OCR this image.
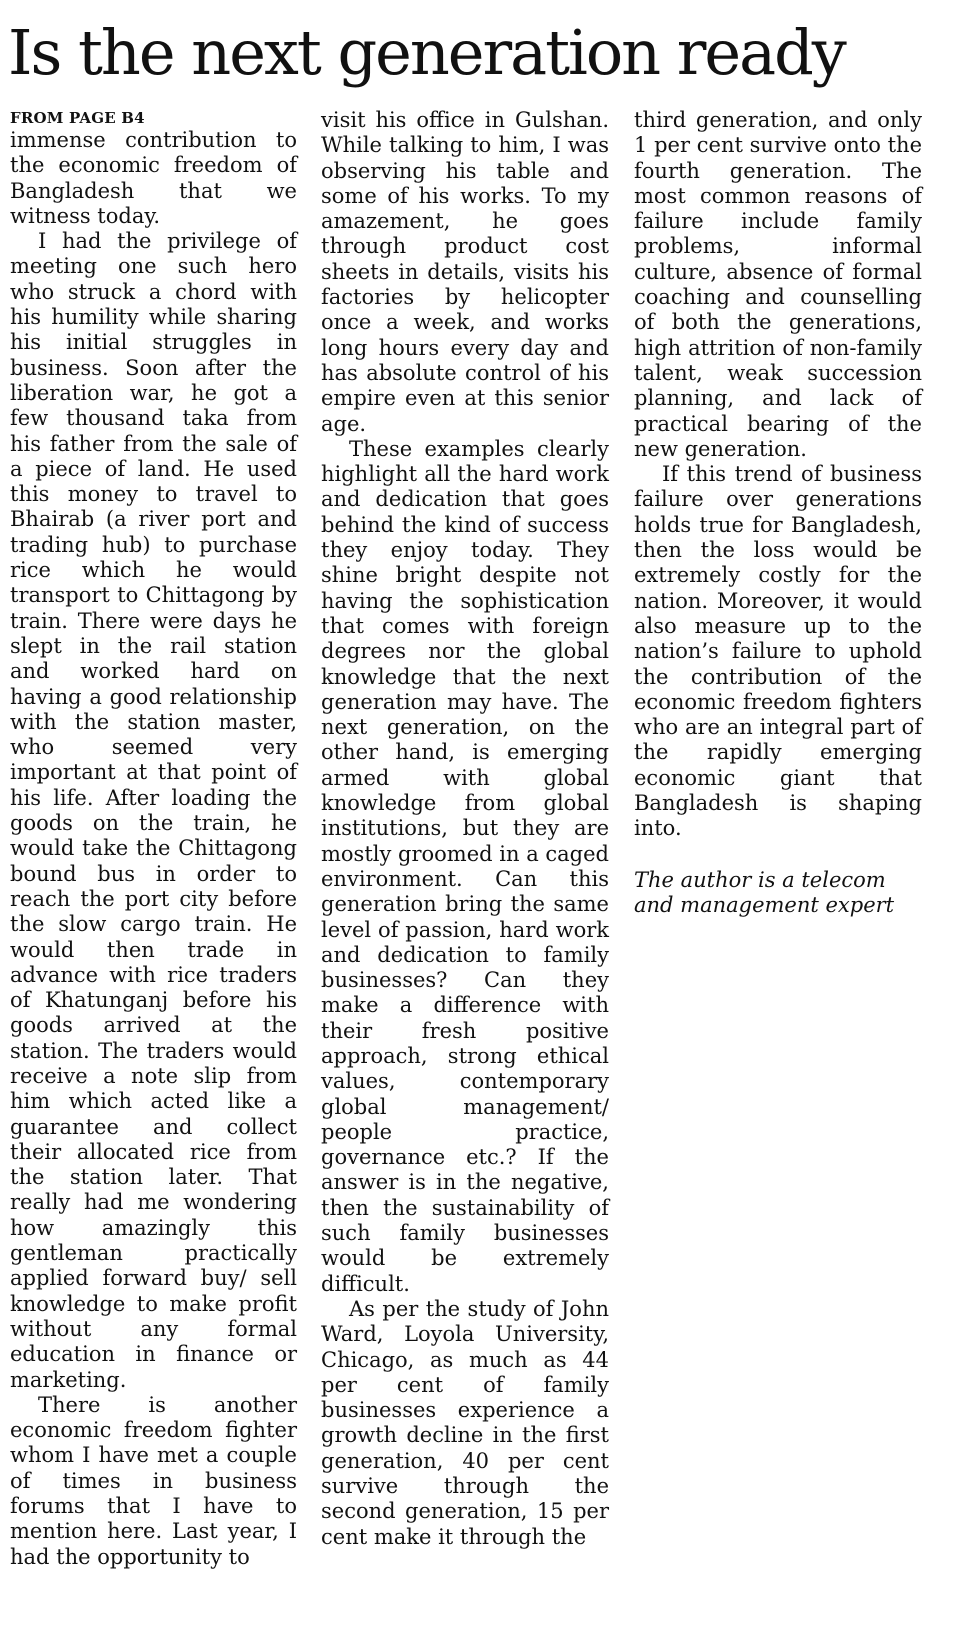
Is the next generation ready
FROM PAGE B4

immense contribution to the economic freedom of Bangladesh that we witness today.

I had the privilege of meeting one such hero who struck a chord with his humility while sharing his initial struggles in business. Soon after the liberation war, he got a few thousand taka from his father from the sale of a piece of land. He used this money to travel to Bhairab (a river port and trading hub) to purchase rice which he would transport to Chittagong by train. There were days he slept in the rail station and worked hard on having a good relationship with the station master, who seemed very important at that point of his life. After loading the goods on the train, he would take the Chittagong bound bus in order to reach the port city before the slow cargo train. He would then trade in advance with rice traders of Khatunganj before his goods arrived at the station. The traders would receive a note slip from him which acted like a guarantee and collect their allocated rice from the station later. That really had me wondering how amazingly this gentleman practically applied forward buy/ sell knowledge to make profit without any formal education in finance or marketing.

There is another economic freedom fighter whom I have met a couple of times in business forums that I have to mention here. Last year, I had the opportunity to

visit his office in Gulshan. While talking to him, I was observing his table and some of his works. To my amazement, he goes through product cost sheets in details, visits his factories by helicopter once a week, and works long hours every day and has absolute control of his empire even at this senior age.

These examples clearly highlight all the hard work and dedication that goes behind the kind of success they enjoy today. They shine bright despite not having the sophistication that comes with foreign degrees nor the global knowledge that the next generation may have. The next generation, on the other hand, is emerging armed with global knowledge from global institutions, but they are mostly groomed in a caged environment. Can this generation bring the same level of passion, hard work and dedication to family businesses? Can they make a difference with their fresh positive approach, strong ethical values, contemporary global management/ people practice, governance etc.? If the answer is in the negative, then the sustainability of such family businesses would be extremely difficult.

As per the study of John Ward, Loyola University, Chicago, as much as 44 per cent of family businesses experience a growth decline in the first generation, 40 per cent survive through the second generation, 15 per cent make it through the

third generation, and only 1 per cent survive onto the fourth generation. The most common reasons of failure include family problems, informal culture, absence of formal coaching and counselling of both the generations, high attrition of non-family talent, weak succession planning, and lack of practical bearing of the new generation.

If this trend of business failure over generations holds true for Bangladesh, then the loss would be extremely costly for the nation. Moreover, it would also measure up to the nation’s failure to uphold the contribution of the economic freedom fighters who are an integral part of the rapidly emerging economic giant that Bangladesh is shaping into.

The author is a telecom and management expert
